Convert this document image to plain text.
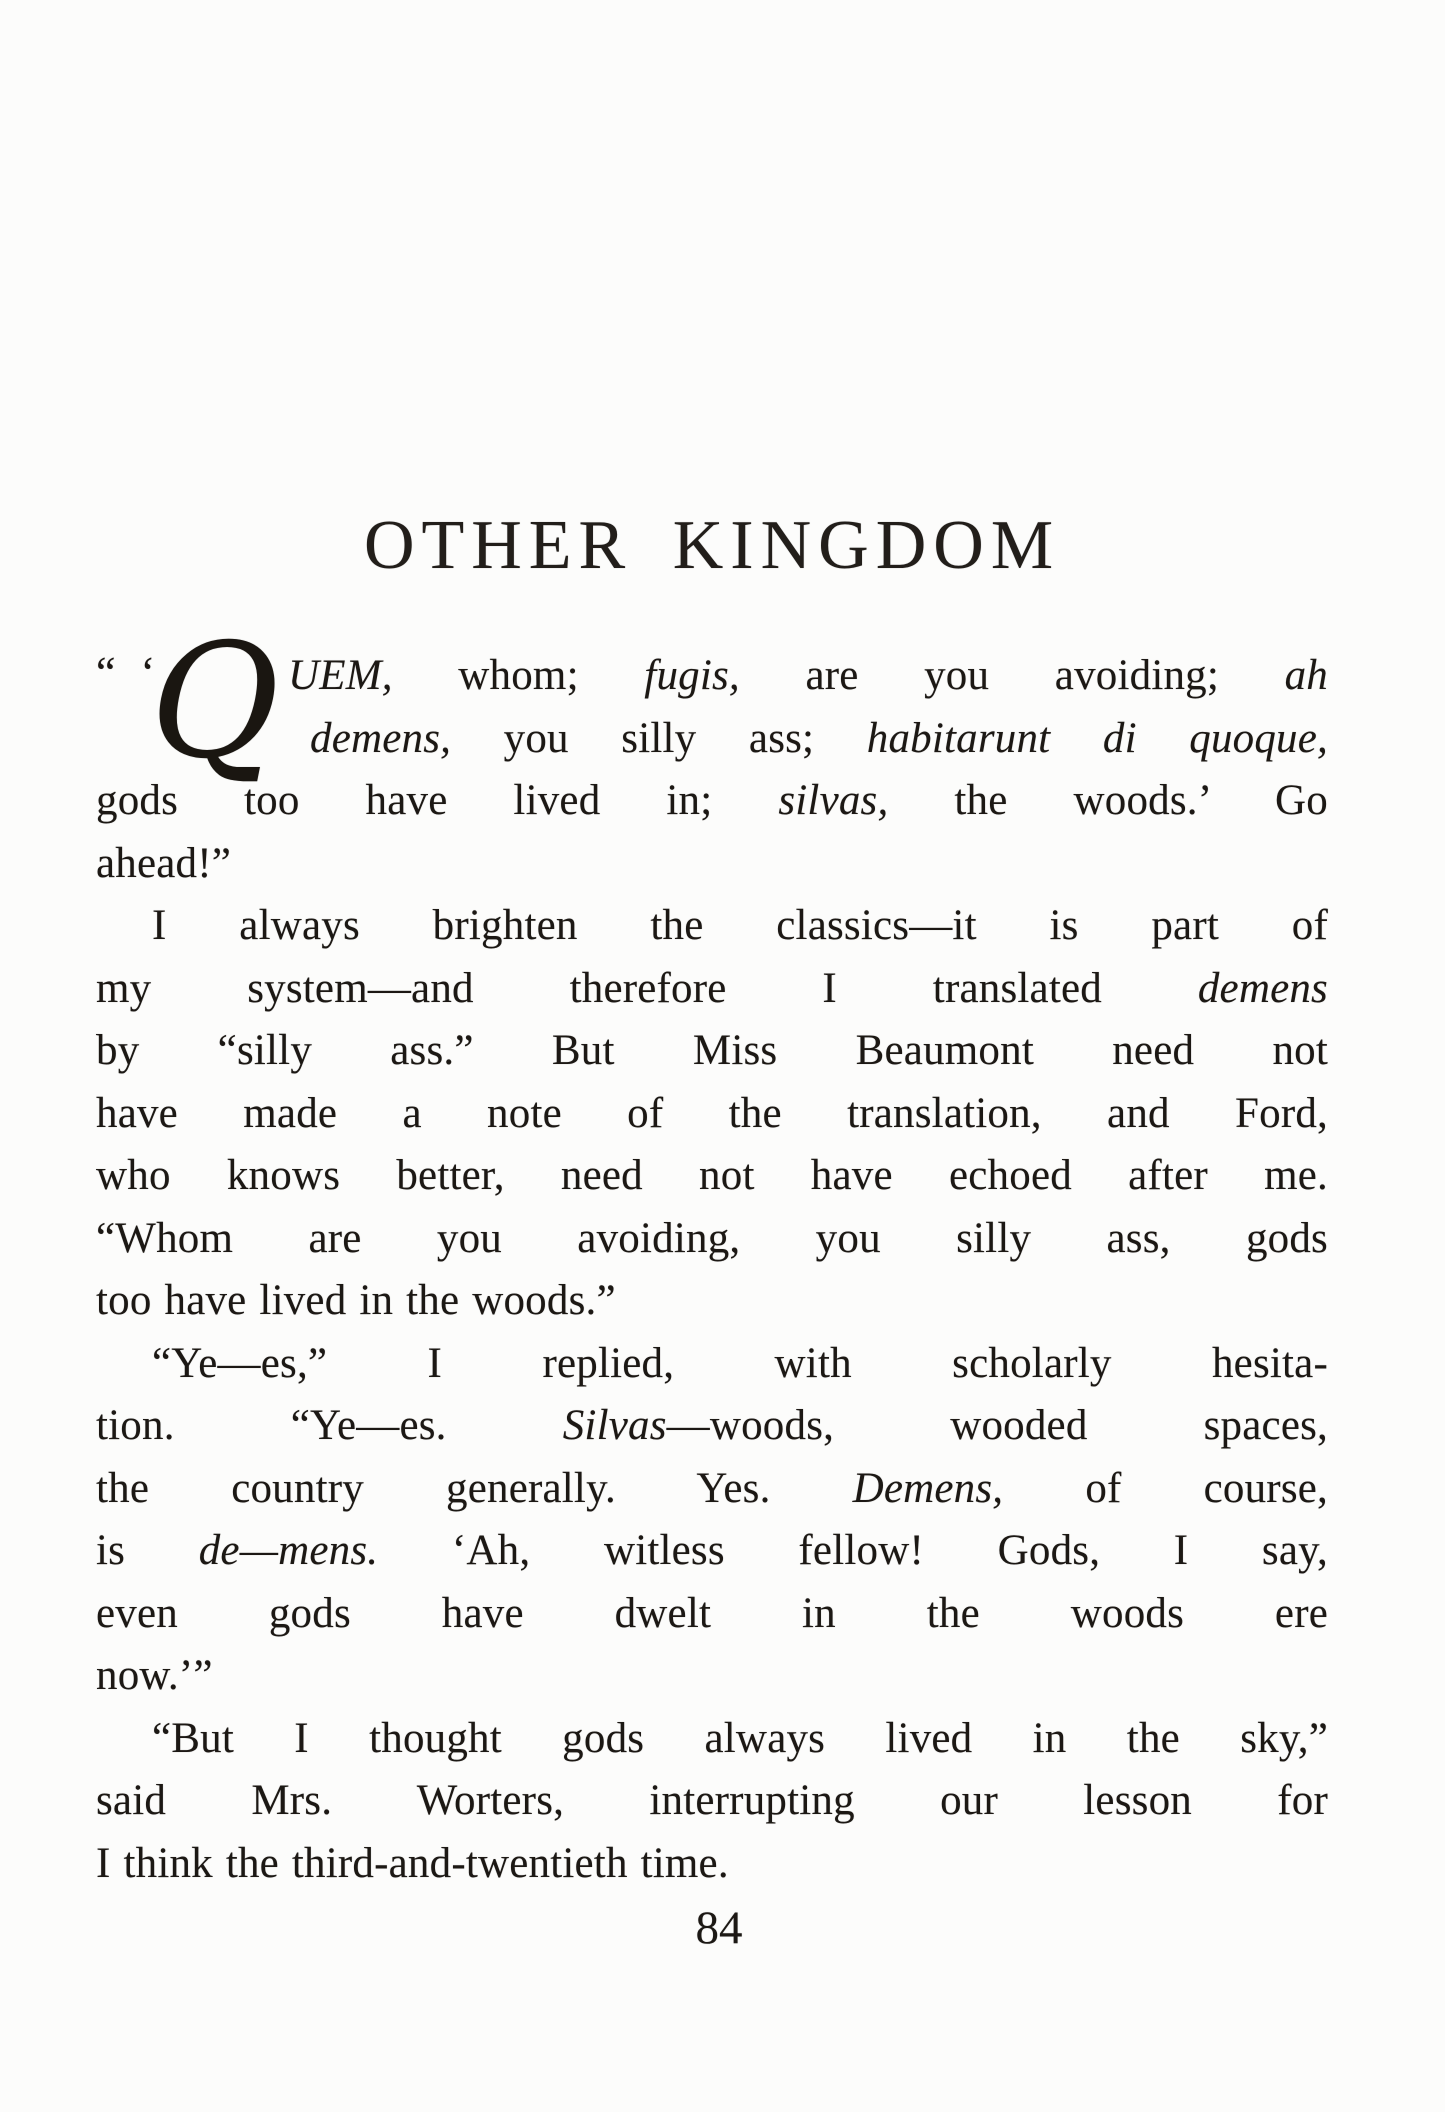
OTHER KINGDOM
“ ‘
Q UEM, whom; fugis, are you avoiding; ah
demens, you silly ass; habitarunt di quoque,
gods too have lived in; silvas, the woods.’ Go
ahead!”
I always brighten the classics—it is part of
my system—and therefore I translated demens
by “silly ass.” But Miss Beaumont need not
have made a note of the translation, and Ford,
who knows better, need not have echoed after me.
“Whom are you avoiding, you silly ass, gods
too have lived in the woods.”
“Ye—es,” I replied, with scholarly hesita-
tion. “Ye—es. Silvas—woods, wooded spaces,
the country generally. Yes. Demens, of course,
is de—mens. ‘Ah, witless fellow! Gods, I say,
even gods have dwelt in the woods ere
now.’”
“But I thought gods always lived in the sky,”
said Mrs. Worters, interrupting our lesson for
I think the third-and-twentieth time.
84
